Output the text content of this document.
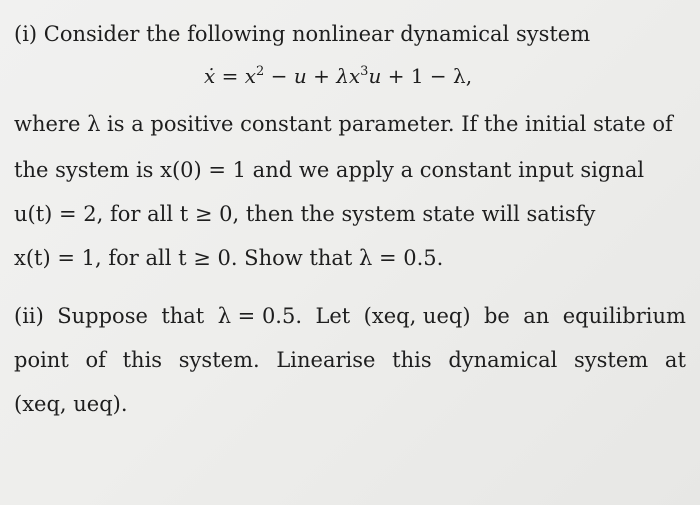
(i) Consider the following nonlinear dynamical system
ẋ = $x^2 - u + \lambda x^3u + 1 - \lambda$,
where λ is a positive constant parameter. If the initial state of
the system is x(0) = 1 and we apply a constant input signal
u(t) = 2, for all t ≥ 0, then the system state will satisfy
x(t) = 1, for all t ≥ 0. Show that λ = 0.5.
(ii) Suppose that λ = 0.5. Let (xeq, ueq) be an equilibrium
point of this system. Linearise this dynamical system at
(xeq, ueq).
